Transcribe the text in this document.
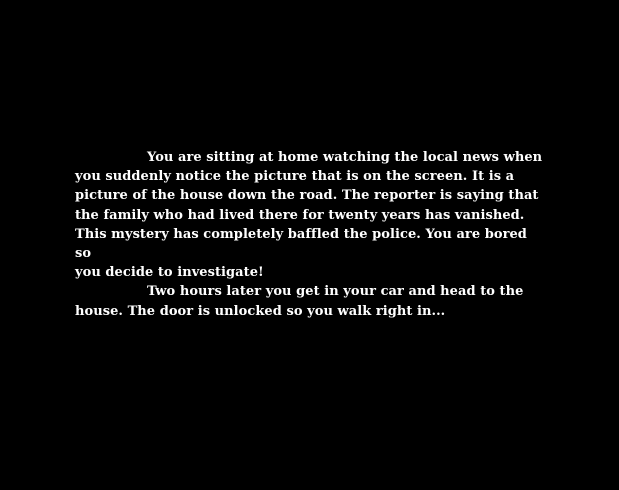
You are sitting at home watching the local news when
you suddenly notice the picture that is on the screen. It is a
picture of the house down the road. The reporter is saying that
the family who had lived there for twenty years has vanished.
This mystery has completely baffled the police. You are bored so
you decide to investigate!

Two hours later you get in your car and head to the
house. The door is unlocked so you walk right in...
